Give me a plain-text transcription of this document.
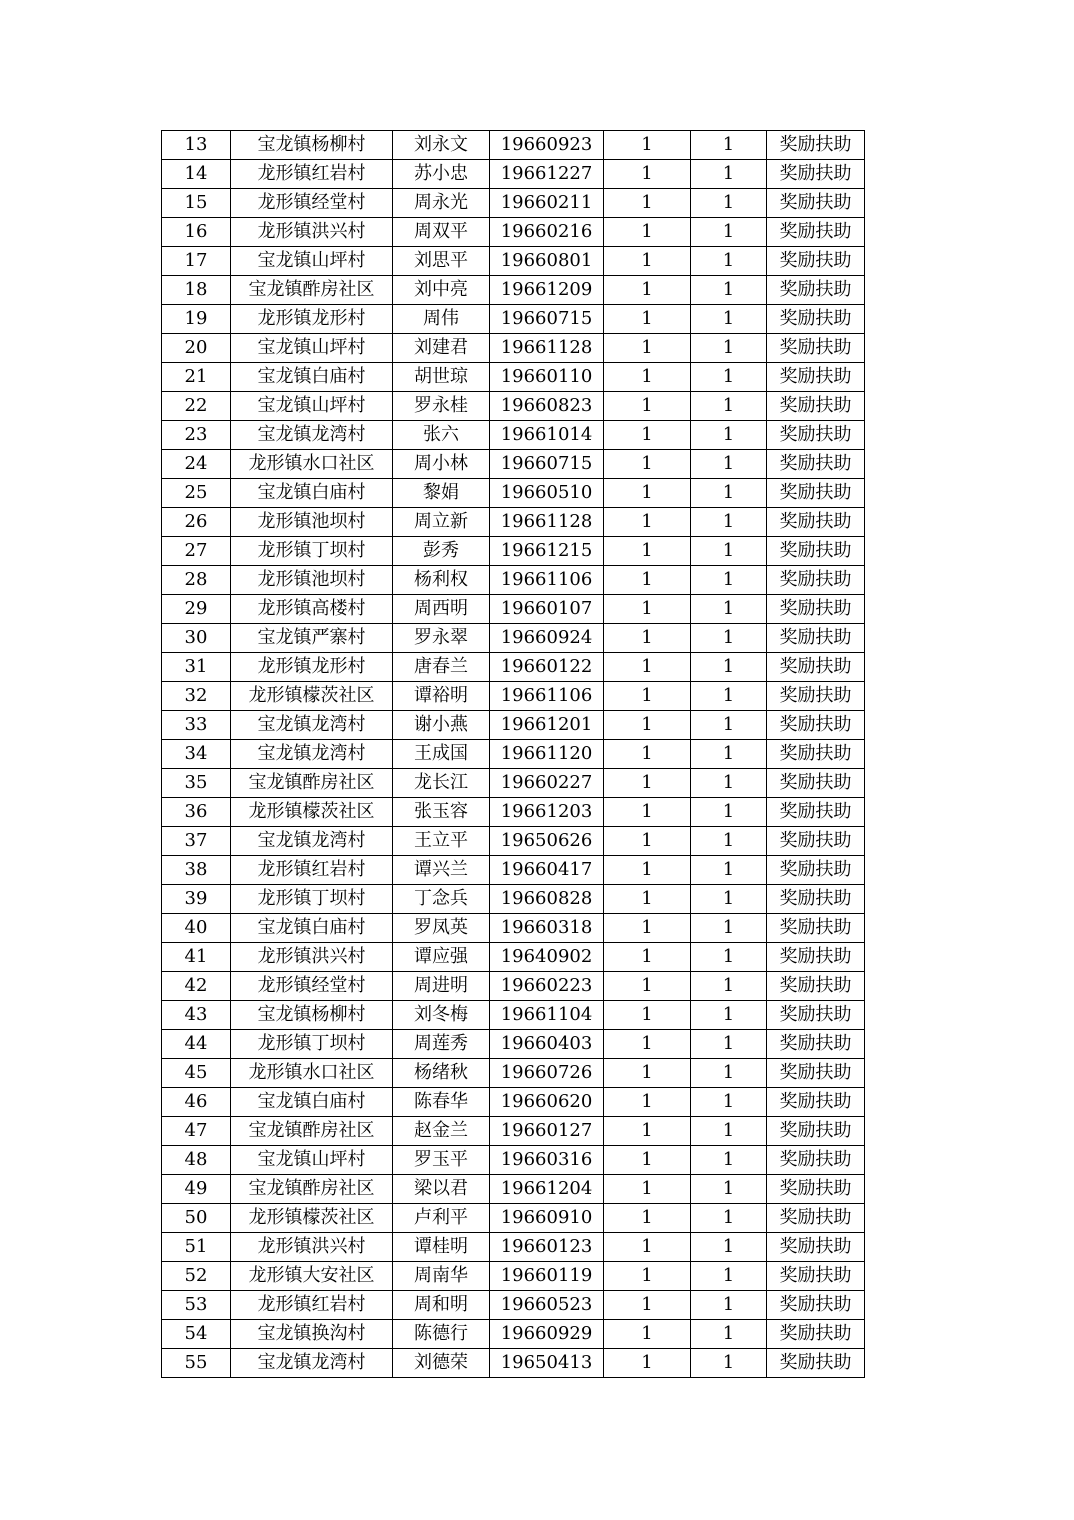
13	宝龙镇杨柳村	刘永文	19660923	1	1	奖励扶助
14	龙形镇红岩村	苏小忠	19661227	1	1	奖励扶助
15	龙形镇经堂村	周永光	19660211	1	1	奖励扶助
16	龙形镇洪兴村	周双平	19660216	1	1	奖励扶助
17	宝龙镇山坪村	刘思平	19660801	1	1	奖励扶助
18	宝龙镇酢房社区	刘中亮	19661209	1	1	奖励扶助
19	龙形镇龙形村	周伟	19660715	1	1	奖励扶助
20	宝龙镇山坪村	刘建君	19661128	1	1	奖励扶助
21	宝龙镇白庙村	胡世琼	19660110	1	1	奖励扶助
22	宝龙镇山坪村	罗永桂	19660823	1	1	奖励扶助
23	宝龙镇龙湾村	张六	19661014	1	1	奖励扶助
24	龙形镇水口社区	周小林	19660715	1	1	奖励扶助
25	宝龙镇白庙村	黎娟	19660510	1	1	奖励扶助
26	龙形镇池坝村	周立新	19661128	1	1	奖励扶助
27	龙形镇丁坝村	彭秀	19661215	1	1	奖励扶助
28	龙形镇池坝村	杨利权	19661106	1	1	奖励扶助
29	龙形镇高楼村	周西明	19660107	1	1	奖励扶助
30	宝龙镇严寨村	罗永翠	19660924	1	1	奖励扶助
31	龙形镇龙形村	唐春兰	19660122	1	1	奖励扶助
32	龙形镇檬茨社区	谭裕明	19661106	1	1	奖励扶助
33	宝龙镇龙湾村	谢小燕	19661201	1	1	奖励扶助
34	宝龙镇龙湾村	王成国	19661120	1	1	奖励扶助
35	宝龙镇酢房社区	龙长江	19660227	1	1	奖励扶助
36	龙形镇檬茨社区	张玉容	19661203	1	1	奖励扶助
37	宝龙镇龙湾村	王立平	19650626	1	1	奖励扶助
38	龙形镇红岩村	谭兴兰	19660417	1	1	奖励扶助
39	龙形镇丁坝村	丁念兵	19660828	1	1	奖励扶助
40	宝龙镇白庙村	罗凤英	19660318	1	1	奖励扶助
41	龙形镇洪兴村	谭应强	19640902	1	1	奖励扶助
42	龙形镇经堂村	周进明	19660223	1	1	奖励扶助
43	宝龙镇杨柳村	刘冬梅	19661104	1	1	奖励扶助
44	龙形镇丁坝村	周莲秀	19660403	1	1	奖励扶助
45	龙形镇水口社区	杨绪秋	19660726	1	1	奖励扶助
46	宝龙镇白庙村	陈春华	19660620	1	1	奖励扶助
47	宝龙镇酢房社区	赵金兰	19660127	1	1	奖励扶助
48	宝龙镇山坪村	罗玉平	19660316	1	1	奖励扶助
49	宝龙镇酢房社区	梁以君	19661204	1	1	奖励扶助
50	龙形镇檬茨社区	卢利平	19660910	1	1	奖励扶助
51	龙形镇洪兴村	谭桂明	19660123	1	1	奖励扶助
52	龙形镇大安社区	周南华	19660119	1	1	奖励扶助
53	龙形镇红岩村	周和明	19660523	1	1	奖励扶助
54	宝龙镇换沟村	陈德行	19660929	1	1	奖励扶助
55	宝龙镇龙湾村	刘德荣	19650413	1	1	奖励扶助
